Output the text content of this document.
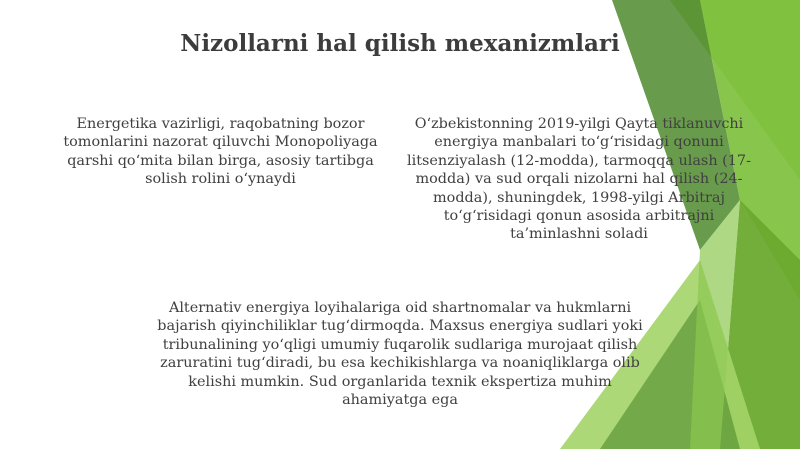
Nizollarni hal qilish mexanizmlari

Energetika vazirligi, raqobatning bozor tomonlarini nazorat qiluvchi Monopoliyaga qarshi qo‘mita bilan birga, asosiy tartibga solish rolini o‘ynaydi

O‘zbekistonning 2019-yilgi Qayta tiklanuvchi energiya manbalari to‘g‘risidagi qonuni litsenziyalash (12-modda), tarmoqqa ulash (17-modda) va sud orqali nizolarni hal qilish (24-modda), shuningdek, 1998-yilgi Arbitraj to‘g‘risidagi qonun asosida arbitrajni ta’minlashni soladi

Alternativ energiya loyihalariga oid shartnomalar va hukmlarni bajarish qiyinchiliklar tug‘dirmoqda. Maxsus energiya sudlari yoki tribunalining yo‘qligi umumiy fuqarolik sudlariga murojaat qilish zaruratini tug‘diradi, bu esa kechikishlarga va noaniqliklarga olib kelishi mumkin. Sud organlarida texnik ekspertiza muhim ahamiyatga ega
